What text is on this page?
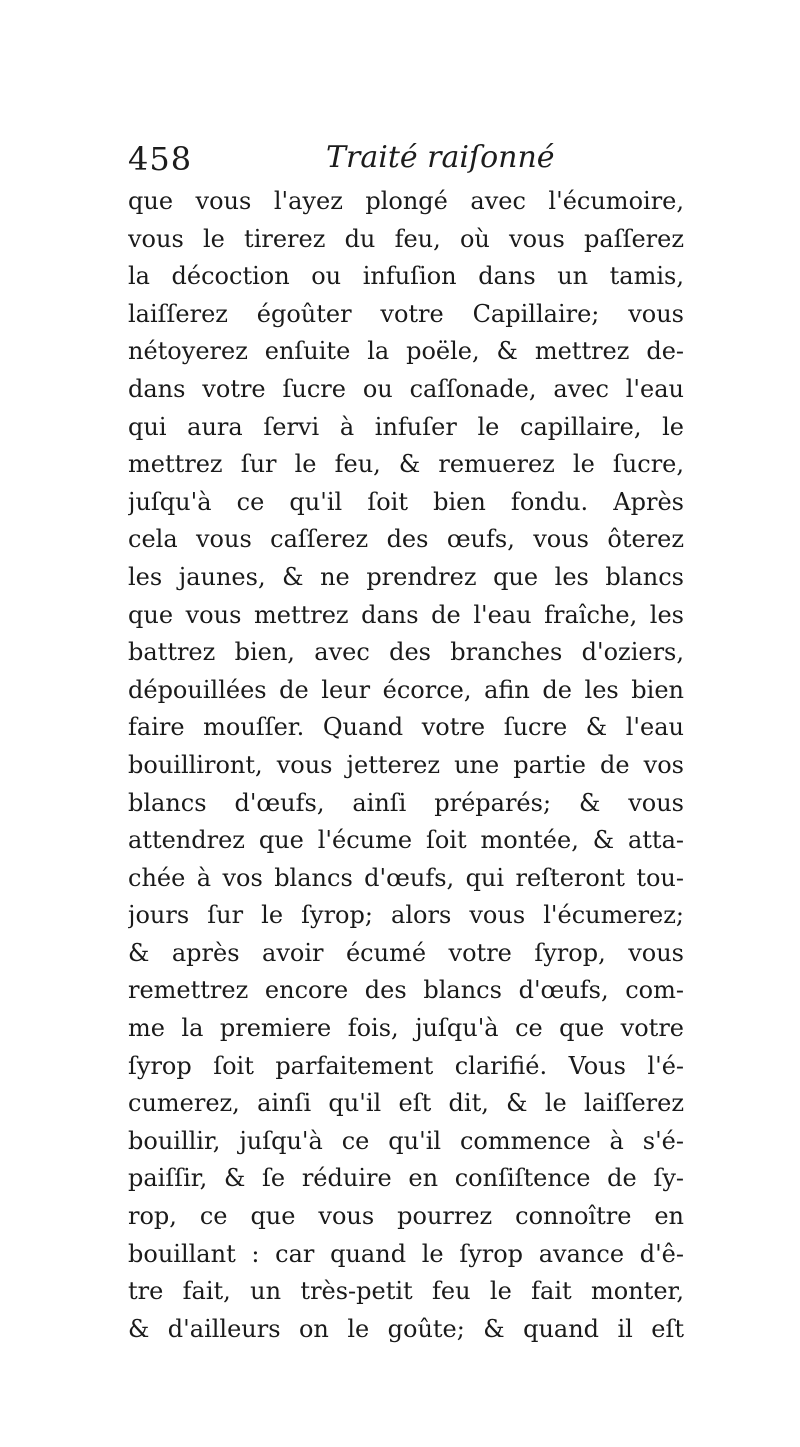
458	Traité raiſonné
que vous l'ayez plongé avec l'écumoire,
vous le tirerez du feu, où vous paſſerez
la décoction ou infuſion dans un tamis,
laiſſerez égoûter votre Capillaire; vous
nétoyerez enſuite la poële, & mettrez de-
dans votre ſucre ou caſſonade, avec l'eau
qui aura ſervi à infuſer le capillaire, le
mettrez ſur le feu, & remuerez le ſucre,
juſqu'à ce qu'il ſoit bien fondu. Après
cela vous caſſerez des œufs, vous ôterez
les jaunes, & ne prendrez que les blancs
que vous mettrez dans de l'eau fraîche, les
battrez bien, avec des branches d'oziers,
dépouillées de leur écorce, afin de les bien
faire mouſſer. Quand votre ſucre & l'eau
bouilliront, vous jetterez une partie de vos
blancs d'œufs, ainſi préparés; & vous
attendrez que l'écume ſoit montée, & atta-
chée à vos blancs d'œufs, qui reſteront tou-
jours ſur le ſyrop; alors vous l'écumerez;
& après avoir écumé votre ſyrop, vous
remettrez encore des blancs d'œufs, com-
me la premiere fois, juſqu'à ce que votre
ſyrop ſoit parfaitement clarifié. Vous l'é-
cumerez, ainſi qu'il eſt dit, & le laiſſerez
bouillir, juſqu'à ce qu'il commence à s'é-
paiſſir, & ſe réduire en conſiſtence de ſy-
rop, ce que vous pourrez connoître en
bouillant : car quand le ſyrop avance d'ê-
tre fait, un très-petit feu le fait monter,
& d'ailleurs on le goûte; & quand il eſt
